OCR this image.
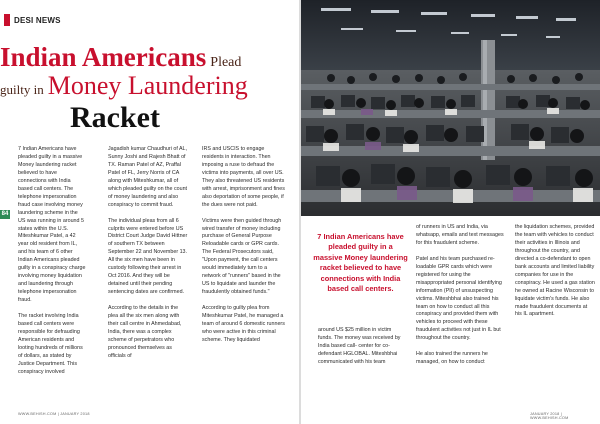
DESI NEWS
Indian Americans Plead
guilty in Money Laundering
Racket
84

7 Indian Americans have pleaded guilty in a massive Money laundering racket believed to have connections with India based call centers. The telephone impersonation fraud case involving money laundering scheme in the US was running in around 5 states within the U.S. Miteshkumar Patel, a 42 year old resident from IL, and his team of 6 other Indian Americans pleaded guilty in a conspiracy charge involving money liquidation and laundering through telephone impersonation fraud.

The racket involving India based call centers were responsible for defrauding American residents and looting hundreds of millions of dollars, as stated by Justice Department. This conspiracy involved

Jagadish kumar Chaudhuri of AL, Sunny Joshi and Rajesh Bhatt of TX. Raman Patel of AZ, Praffal Patel of FL, Jerry Norris of CA along with Miteshkumar, all of which pleaded guilty on the count of money laundering and also conspiracy to commit fraud.

The individual pleas from all 6 culprits were entered before US District Court Judge David Hittner of southern TX between September 22 and November 13. All the six men have been in custody following their arrest in Oct 2016. And they will be detained until their pending sentencing dates are confirmed.

According to the details in the plea all the six men along with their call centre in Ahmedabad, India, there was a complex scheme of perpetrators who pronounced themselves as officials of

IRS and USCIS to engage residents in interaction. Then imposing a ruse to defraud the victims into payments, all over US. They also threatened US residents with arrest, imprisonment and fines also deportation of some people, if the dues were not paid.

Victims were then guided through wired transfer of money including purchase of General Purpose Reloadable cards or GPR cards. The Federal Prosecutors said, "Upon payment, the call centers would immediately turn to a network of "runners" based in the US to liquidate and launder the fraudulently obtained funds."

According to guilty plea from Miteshkumar Patel, he managed a team of around 6 domestic runners who were active in this criminal scheme. They liquidated

7 Indian Americans have pleaded guilty in a massive Money laundering racket believed to have connections with India based call centers.

around US $25 million in victim funds. The money was received by India based call- center for co-defendant HGLOBAL. Miteshbhai communicated with his team

of runners in US and India, via whatsapp, emails and text messages for this fraudulent scheme.

Patel and his team purchased re-loadable GPR cards which were registered for using the misappropriated personal identifying information (PII) of unsuspecting victims. Miteshbhai also trained his team on how to conduct all this conspiracy and provided them with vehicles to proceed with these fraudulent activities not just in IL but throughout the country.

He also trained the runners he managed, on how to conduct

the liquidation schemes, provided the team with vehicles to conduct their activities in Illinois and throughout the country, and directed a co-defendant to open bank accounts and limited liability companies for use in the conspiracy. He used a gas station he owned at Racine Wisconsin to liquidate victim's funds. He also made fraudulent documents at his IL apartment.

WWW.BEHISH.COM | JANUARY 2018	JANUARY 2018 | WWW.BEHISH.COM
